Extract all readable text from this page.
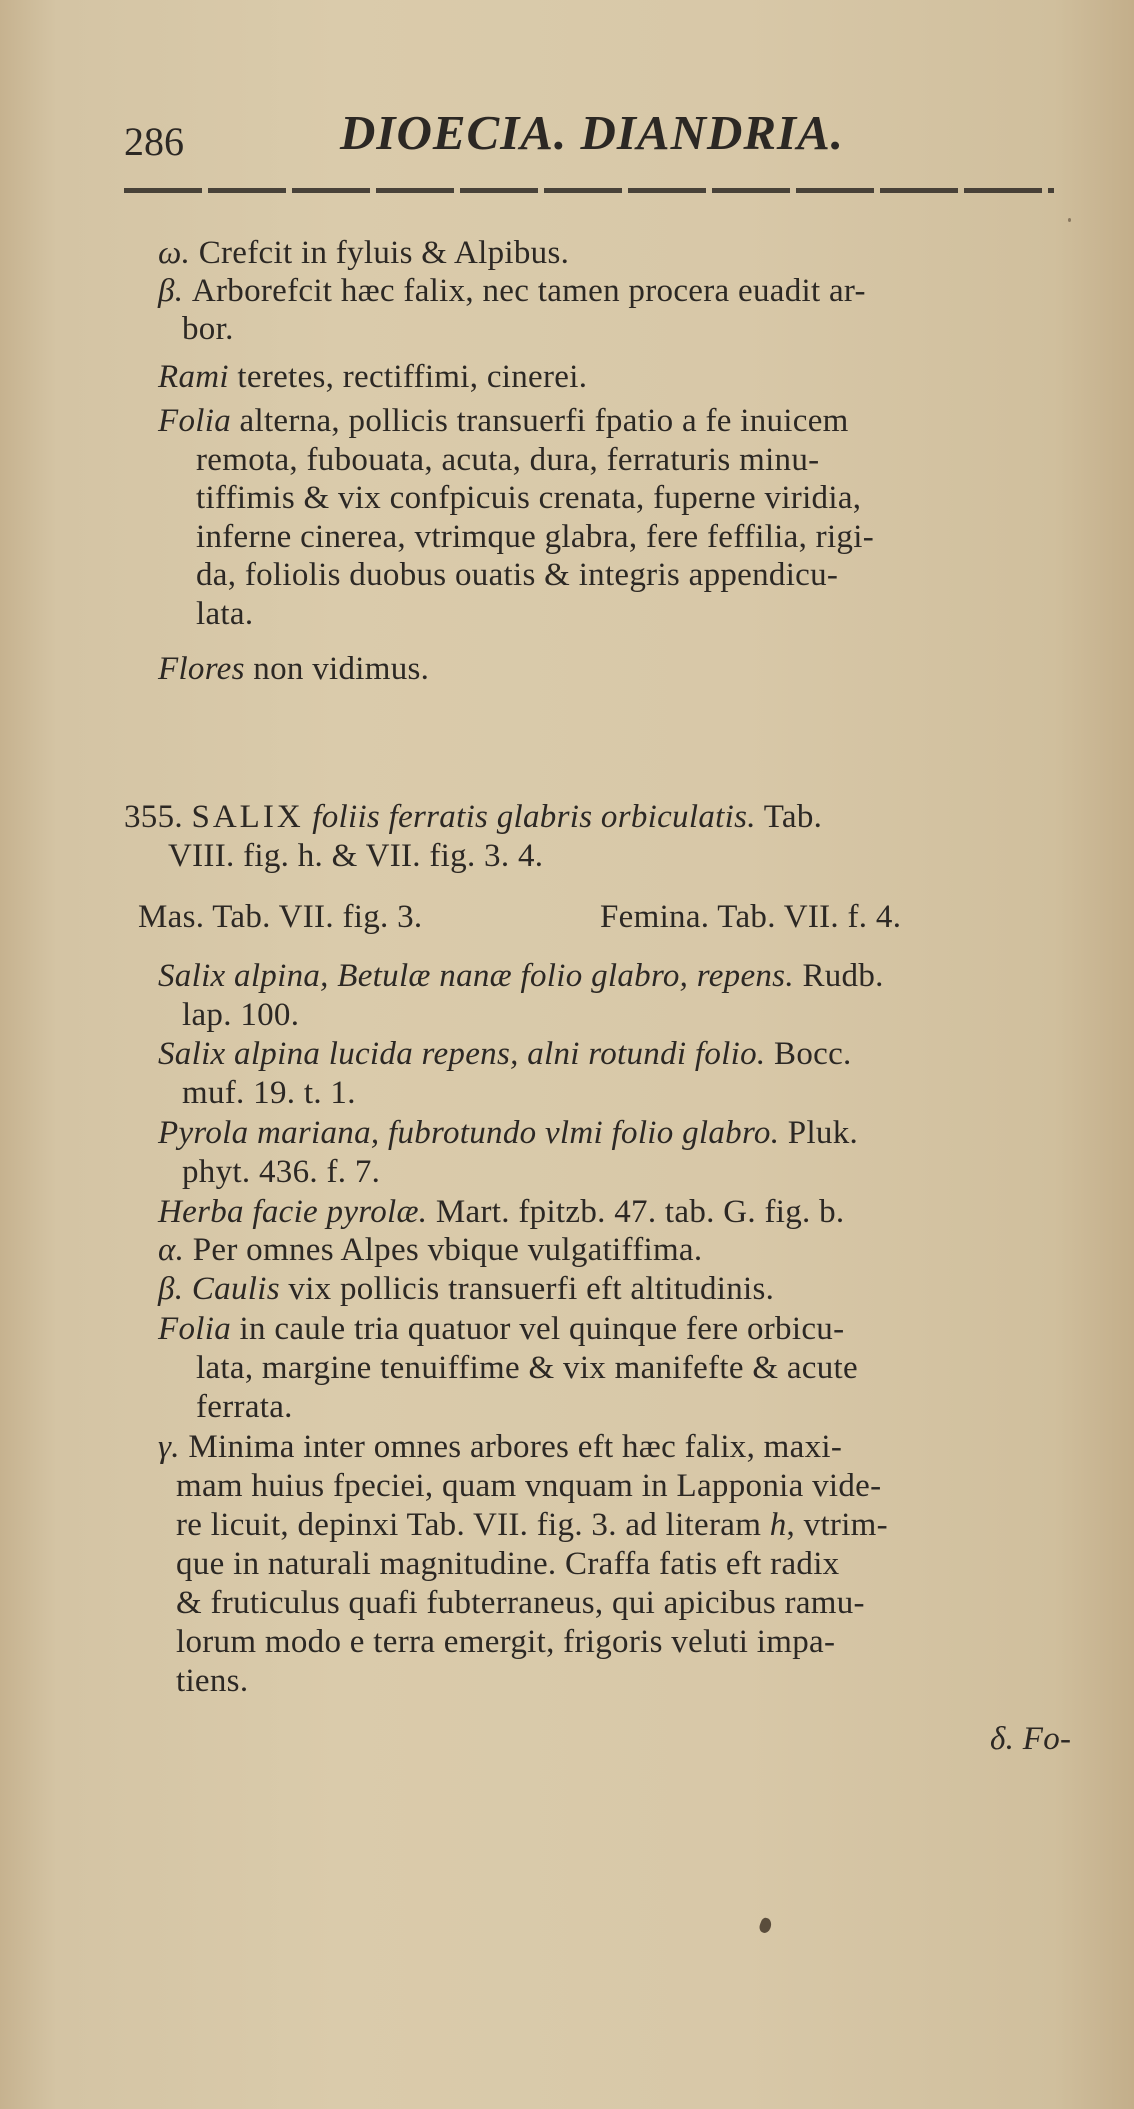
286	DIOECIA. DIANDRIA.
ω. Crefcit in fyluis & Alpibus.
β. Arborefcit hæc falix, nec tamen procera euadit ar-
bor.
Rami teretes, rectiffimi, cinerei.
Folia alterna, pollicis transuerfi fpatio a fe inuicem
remota, fubouata, acuta, dura, ferraturis minu-
tiffimis & vix confpicuis crenata, fuperne viridia,
inferne cinerea, vtrimque glabra, fere feffilia, rigi-
da, foliolis duobus ouatis & integris appendicu-
lata.
Flores non vidimus.
355. SALIX foliis ferratis glabris orbiculatis. Tab.
VIII. fig. h. & VII. fig. 3. 4.
Mas. Tab. VII. fig. 3.	Femina. Tab. VII. f. 4.
Salix alpina, Betulæ nanæ folio glabro, repens. Rudb.
lap. 100.
Salix alpina lucida repens, alni rotundi folio. Bocc.
muf. 19. t. 1.
Pyrola mariana, fubrotundo vlmi folio glabro. Pluk.
phyt. 436. f. 7.
Herba facie pyrolæ. Mart. fpitzb. 47. tab. G. fig. b.
α. Per omnes Alpes vbique vulgatiffima.
β. Caulis vix pollicis transuerfi eft altitudinis.
Folia in caule tria quatuor vel quinque fere orbicu-
lata, margine tenuiffime & vix manifefte & acute
ferrata.
γ. Minima inter omnes arbores eft hæc falix, maxi-
mam huius fpeciei, quam vnquam in Lapponia vide-
re licuit, depinxi Tab. VII. fig. 3. ad literam h, vtrim-
que in naturali magnitudine. Craffa fatis eft radix
& fruticulus quafi fubterraneus, qui apicibus ramu-
lorum modo e terra emergit, frigoris veluti impa-
tiens.
δ. Fo-
